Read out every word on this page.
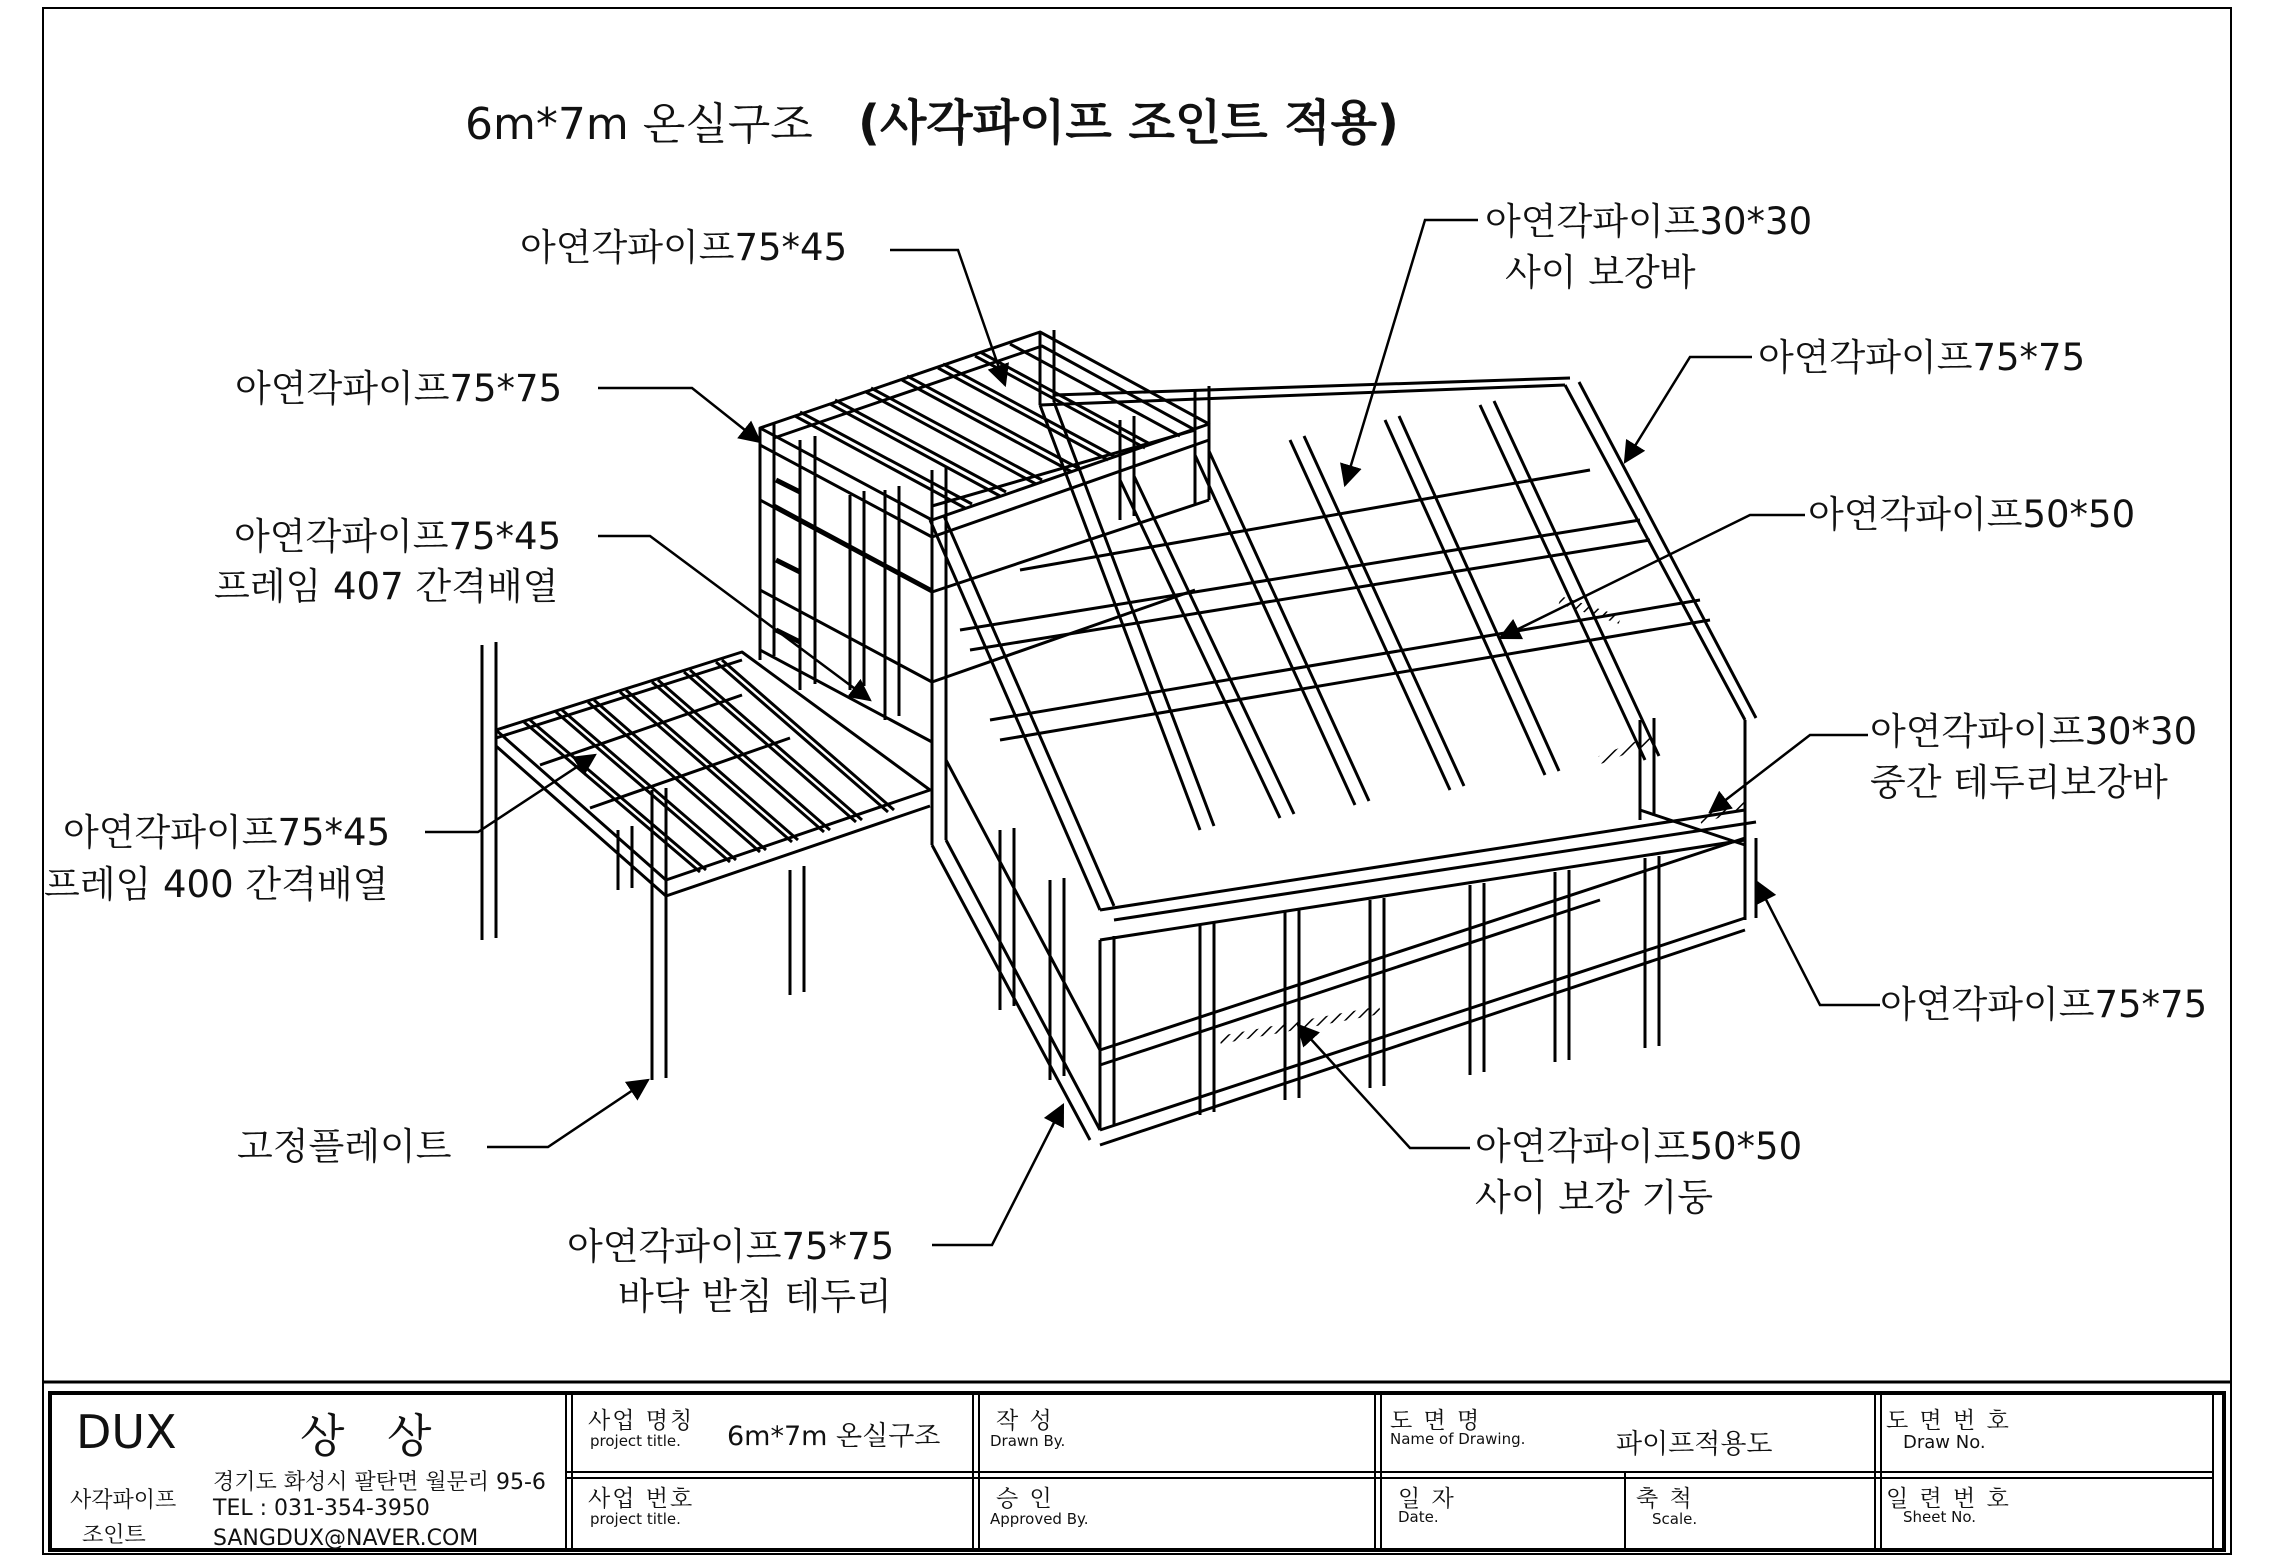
6m*7m 온실구조 (사각파이프 조인트 적용)
아연각파이프75*45
아연각파이프75*75
아연각파이프75*45
프레임 407 간격배열
아연각파이프75*45
프레임 400 간격배열
고정플레이트
아연각파이프75*75
바닥 받침 테두리
아연각파이프30*30
사이 보강바
아연각파이프75*75
아연각파이프50*50
아연각파이프30*30
중간 테두리보강바
아연각파이프75*75
아연각파이프50*50
사이 보강 기둥
DUX	상 상
사각파이프
조인트
경기도 화성시 팔탄면 월문리 95-6
TEL : 031-354-3950
SANGDUX@NAVER.COM
사업 명칭
project title. 6m*7m 온실구조
사업 번호
project title.
작 성
Drawn By.
승 인
Approved By.
도 면 명
Name of Drawing.	파이프적용도
일 자
Date.
축 척
Scale.
도 면 번 호
Draw No.
일 련 번 호
Sheet No.
